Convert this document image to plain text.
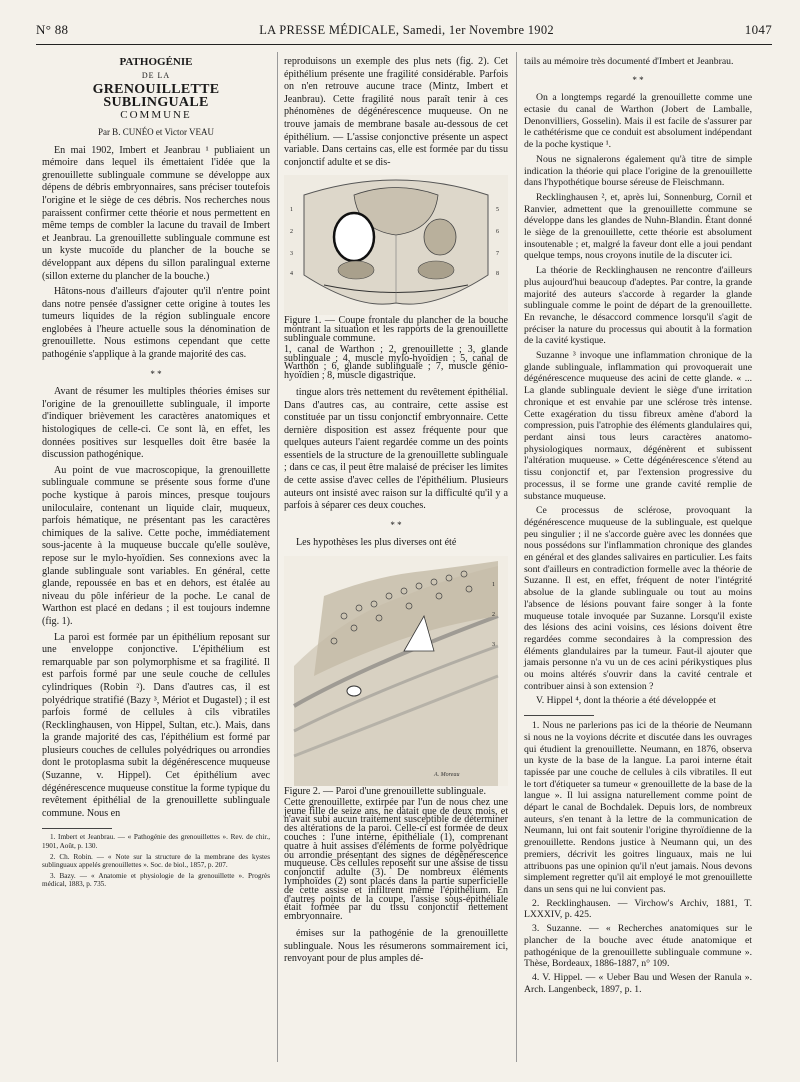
N° 88	LA PRESSE MÉDICALE, Samedi, 1er Novembre 1902	1047
PATHOGÉNIE
DE LA
GRENOUILLETTE SUBLINGUALE
COMMUNE
Par B. CUNÉO et Victor VEAU

En mai 1902, Imbert et Jeanbrau ¹ publiaient un mémoire dans lequel ils émettaient l'idée que la grenouillette sublinguale commune se développe aux dépens de débris embryonnaires, sans préciser toutefois l'origine et le siège de ces débris. Nos recherches nous paraissent confirmer cette théorie et nous permettent en même temps de combler la lacune du travail de Imbert et Jeanbrau. La grenouillette sublinguale commune est un kyste mucoïde du plancher de la bouche se développant aux dépens du sillon paralingual externe (sillon externe du plancher de la bouche.)

Hâtons-nous d'ailleurs d'ajouter qu'il n'entre point dans notre pensée d'assigner cette origine à toutes les tumeurs liquides de la région sublinguale encore englobées à l'heure actuelle sous la dénomination de grenouillette. Nous estimons cependant que cette pathogénie s'applique à la grande majorité des cas.

* *

Avant de résumer les multiples théories émises sur l'origine de la grenouillette sublinguale, il importe d'indiquer brièvement les caractères anatomiques et histologiques de celle-ci. Ce sont là, en effet, les données positives sur lesquelles doit être basée la discussion pathogénique.

Au point de vue macroscopique, la grenouillette sublinguale commune se présente sous forme d'une poche kystique à parois minces, presque toujours uniloculaire, contenant un liquide clair, muqueux, parfois hématique, ne présentant pas les caractères chimiques de la salive. Cette poche, immédiatement sous-jacente à la muqueuse buccale qu'elle soulève, repose sur le mylo-hyoïdien. Ses connexions avec la glande sublinguale sont variables. En général, cette glande, repoussée en bas et en dehors, est étalée au niveau du pôle inférieur de la poche. Le canal de Warthon est placé en dedans ; il est toujours indemne (fig. 1).

La paroi est formée par un épithélium reposant sur une enveloppe conjonctive. L'épithélium est remarquable par son polymorphisme et sa fragilité. Il est parfois formé par une seule couche de cellules cylindriques (Robin ²). Dans d'autres cas, il est polyédrique stratifié (Bazy ³, Mériot et Dugastel) ; il est parfois formé de cellules à cils vibratiles (Recklinghausen, von Hippel, Sultan, etc.). Mais, dans la grande majorité des cas, l'épithélium est formé par plusieurs couches de cellules polyédriques ou arrondies dont le protoplasma subit la dégénérescence muqueuse (Suzanne, v. Hippel). Cet épithélium avec dégénérescence muqueuse constitue la forme typique du revêtement épithélial de la grenouillette sublinguale commune. Nous en

1. Imbert et Jeanbrau. — « Pathogénie des grenouillettes ». Rev. de chir., 1901, Août, p. 130.

2. Ch. Robin. — « Note sur la structure de la membrane des kystes sublinguaux appelés grenouillettes ». Soc. de biol., 1857, p. 207.

3. Bazy. — « Anatomie et physiologie de la grenouillette ». Progrès médical, 1883, p. 735.

reproduisons un exemple des plus nets (fig. 2). Cet épithélium présente une fragilité considérable. Parfois on n'en retrouve aucune trace (Mintz, Imbert et Jeanbrau). Cette fragilité nous paraît tenir à ces phénomènes de dégénérescence muqueuse. On ne trouve jamais de membrane basale au-dessous de cet épithélium. — L'assise conjonctive présente un aspect variable. Dans certains cas, elle est formée par du tissu conjonctif adulte et se dis-

1
2
3
4
5
6
7
8

Figure 1. — Coupe frontale du plancher de la bouche montrant la situation et les rapports de la grenouillette sublinguale commune.

1, canal de Warthon ; 2, grenouillette ; 3, glande sublinguale ; 4, muscle mylo-hyoïdien ; 5, canal de Warthon ; 6, glande sublinguale ; 7, muscle génio-hyoïdien ; 8, muscle digastrique.

tingue alors très nettement du revêtement épithélial. Dans d'autres cas, au contraire, cette assise est constituée par un tissu conjonctif embryonnaire. Cette dernière disposition est assez fréquente pour que quelques auteurs l'aient regardée comme un des points essentiels de la structure de la grenouillette sublinguale ; dans ce cas, il peut être malaisé de préciser les limites de cette assise d'avec celles de l'épithélium. Plusieurs auteurs ont insisté avec raison sur la difficulté qu'il y a parfois à séparer ces deux couches.

* *

Les hypothèses les plus diverses ont été

1
2
3
A. Moreau

Figure 2. — Paroi d'une grenouillette sublinguale.

Cette grenouillette, extirpée par l'un de nous chez une jeune fille de seize ans, ne datait que de deux mois, et n'avait subi aucun traitement susceptible de déterminer des altérations de la paroi. Celle-ci est formée de deux couches : l'une interne, épithéliale (1), comprenant quatre à huit assises d'éléments de forme polyédrique ou arrondie présentant des signes de dégénérescence muqueuse. Ces cellules reposent sur une assise de tissu conjonctif adulte (3). De nombreux éléments lymphoïdes (2) sont placés dans la partie superficielle de cette assise et infiltrent même l'épithélium. En d'autres points de la coupe, l'assise sous-épithéliale était formée par du tissu conjonctif nettement embryonnaire.

émises sur la pathogénie de la grenouillette sublinguale. Nous les résumerons sommairement ici, renvoyant pour de plus amples dé-

tails au mémoire très documenté d'Imbert et Jeanbrau.

* *

On a longtemps regardé la grenouillette comme une ectasie du canal de Warthon (Jobert de Lamballe, Denonvilliers, Gosselin). Mais il est facile de s'assurer par le cathétérisme que ce conduit est absolument indépendant de la poche kystique ¹.

Nous ne signalerons également qu'à titre de simple indication la théorie qui place l'origine de la grenouillette dans l'hypothétique bourse séreuse de Fleischmann.

Recklinghausen ², et, après lui, Sonnenburg, Cornil et Ranvier, admettent que la grenouillette commune se développe dans les glandes de Nuhn-Blandin. Étant donné le siège de la grenouillette, cette théorie est absolument insoutenable ; et, malgré la faveur dont elle a joui pendant quelque temps, nous croyons inutile de la discuter ici.

La théorie de Recklinghausen ne rencontre d'ailleurs plus aujourd'hui beaucoup d'adeptes. Par contre, la grande majorité des auteurs s'accorde à regarder la glande sublinguale comme le point de départ de la grenouillette. En revanche, le désaccord commence lorsqu'il s'agit de préciser la nature du processus qui aboutit à la formation de la cavité kystique.

Suzanne ³ invoque une inflammation chronique de la glande sublinguale, inflammation qui provoquerait une dégénérescence muqueuse des acini de cette glande. « ... La glande sublinguale devient le siège d'une irritation chronique et est envahie par une sclérose très intense. Cette exagération du tissu fibreux amène d'abord la compression, puis l'atrophie des éléments glandulaires qui, perdant ainsi tous leurs caractères anatomo-physiologiques normaux, dégénèrent et subissent l'altération muqueuse. » Cette dégénérescence s'étend au tissu conjonctif et, par l'extension progressive du processus, il se forme une grande cavité remplie de substance muqueuse.

Ce processus de sclérose, provoquant la dégénérescence muqueuse de la sublinguale, est quelque peu singulier ; il ne s'accorde guère avec les données que nous possédons sur l'inflammation chronique des glandes en général et des glandes salivaires en particulier. Les faits sont d'ailleurs en contradiction formelle avec la théorie de Suzanne. Il est, en effet, fréquent de noter l'intégrité absolue de la glande sublinguale ou tout au moins l'absence de lésions pouvant faire songer à la fonte muqueuse totale invoquée par Suzanne. Lorsqu'il existe des lésions des acini voisins, ces lésions doivent être regardées comme secondaires à la compression des éléments glandulaires par la tumeur. Faut-il ajouter que jamais personne n'a vu un de ces acini périkystiques plus ou moins altérés s'ouvrir dans la cavité centrale et contribuer ainsi à son extension ?

V. Hippel ⁴, dont la théorie a été développée et

1. Nous ne parlerions pas ici de la théorie de Neumann si nous ne la voyions décrite et discutée dans les ouvrages qui étudient la grenouillette. Neumann, en 1876, observa un kyste de la base de la langue. La paroi interne était tapissée par une couche de cellules à cils vibratiles. Il eut le tort d'étiqueter sa tumeur « grenouillette de la base de la langue ». Il lui assigna naturellement comme point de départ le canal de Bochdalek. Depuis lors, de nombreux auteurs, s'en tenant à la lettre de la communication de Neumann, lui ont fait soutenir l'origine thyroïdienne de la grenouillette. Rendons justice à Neumann qui, un des premiers, décrivit les goitres linguaux, mais ne lui attribuons pas une opinion qu'il n'eut jamais. Nous devons simplement regretter qu'il ait employé le mot grenouillette dans un sens qui ne lui convient pas.

2. Recklinghausen. — Virchow's Archiv, 1881, T. LXXXIV, p. 425.

3. Suzanne. — « Recherches anatomiques sur le plancher de la bouche avec étude anatomique et pathogénique de la grenouillette sublinguale commune ». Thèse, Bordeaux, 1886-1887, n° 109.

4. V. Hippel. — « Ueber Bau und Wesen der Ranula ». Arch. Langenbeck, 1897, p. 1.
